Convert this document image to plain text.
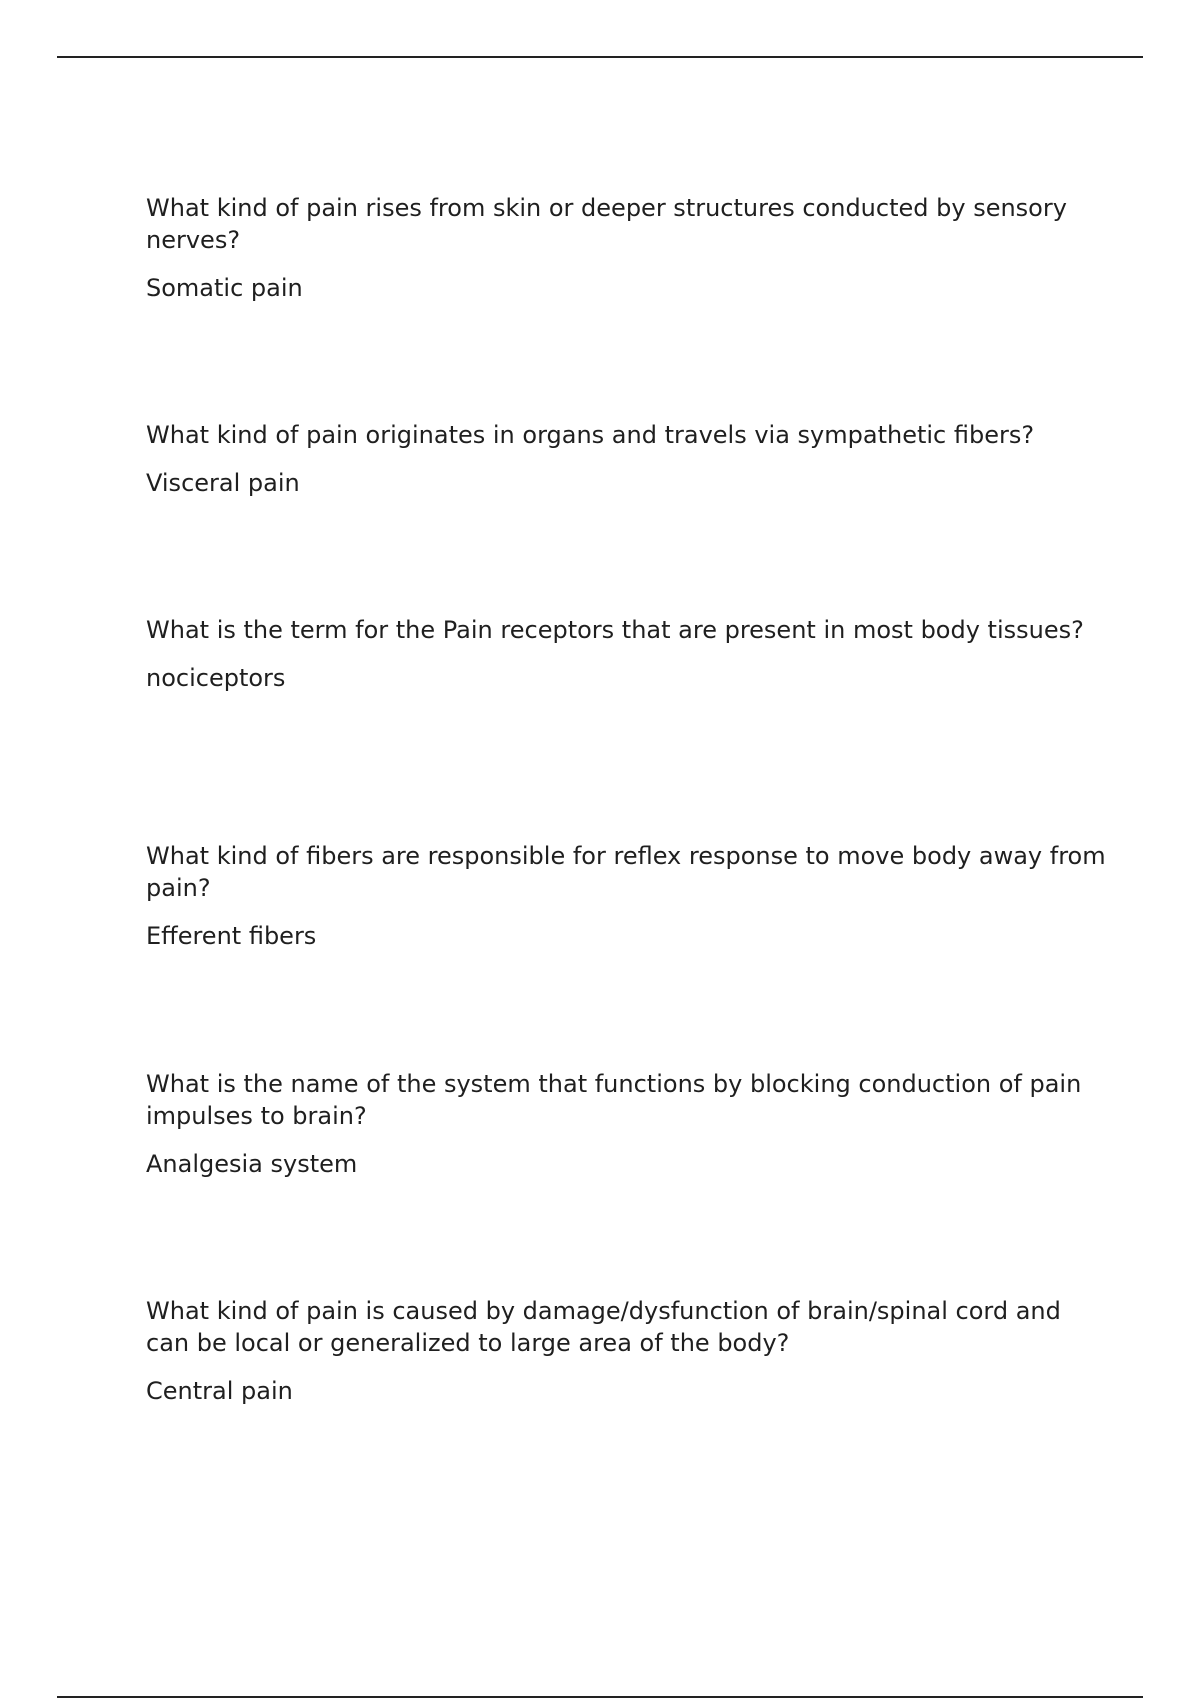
What kind of pain rises from skin or deeper structures conducted by sensory nerves?

Somatic pain

What kind of pain originates in organs and travels via sympathetic fibers?

Visceral pain

What is the term for the Pain receptors that are present in most body tissues?

nociceptors

What kind of fibers are responsible for reflex response to move body away from pain?

Efferent fibers

What is the name of the system that functions by blocking conduction of pain impulses to brain?

Analgesia system

What kind of pain is caused by damage/dysfunction of brain/spinal cord and can be local or generalized to large area of the body?

Central pain
